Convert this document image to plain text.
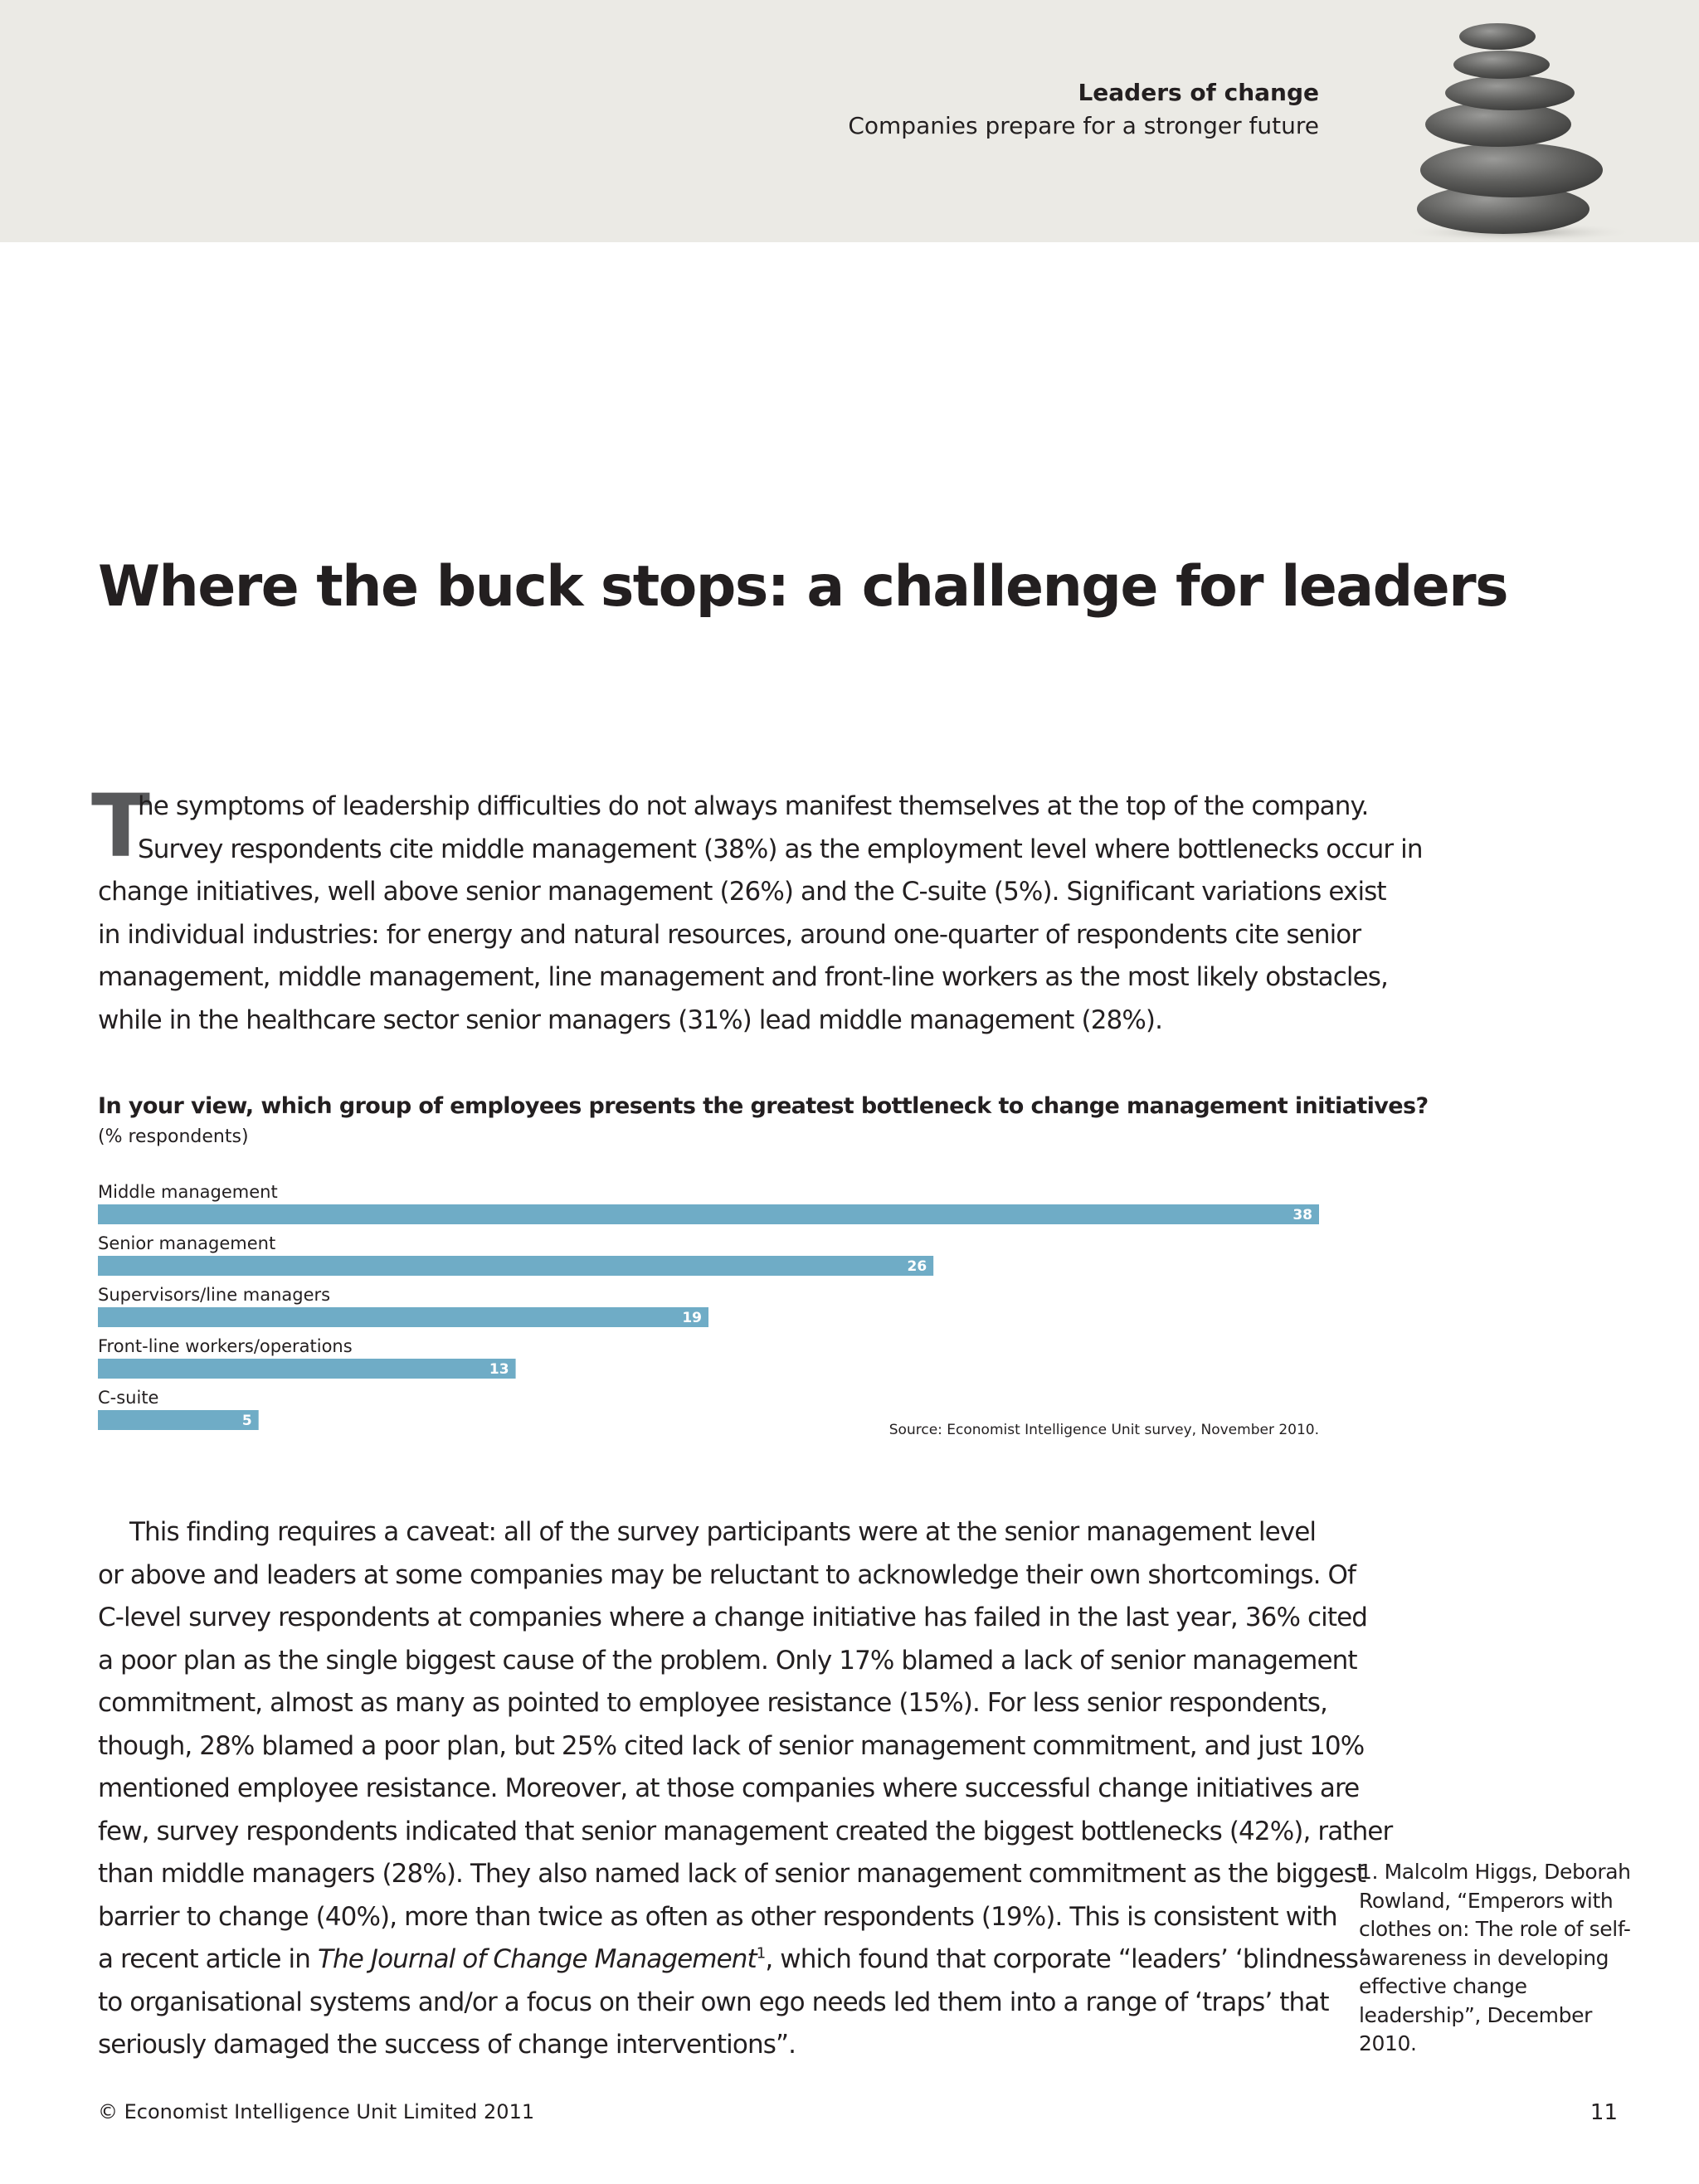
Leaders of change
Companies prepare for a stronger future
Where the buck stops: a challenge for leaders
T

he symptoms of leadership difficulties do not always manifest themselves at the top of the company.
Survey respondents cite middle management (38%) as the employment level where bottlenecks occur in
change initiatives, well above senior management (26%) and the C-suite (5%). Significant variations exist
in individual industries: for energy and natural resources, around one-quarter of respondents cite senior
management, middle management, line management and front-line workers as the most likely obstacles,
while in the healthcare sector senior managers (31%) lead middle management (28%).

In your view, which group of employees presents the greatest bottleneck to change management initiatives?
(% respondents)
Middle management
38
Senior management
26
Supervisors/line managers
19
Front-line workers/operations
13
C-suite
5
Source: Economist Intelligence Unit survey, November 2010.

This finding requires a caveat: all of the survey participants were at the senior management level
or above and leaders at some companies may be reluctant to acknowledge their own shortcomings. Of
C-level survey respondents at companies where a change initiative has failed in the last year, 36% cited
a poor plan as the single biggest cause of the problem. Only 17% blamed a lack of senior management
commitment, almost as many as pointed to employee resistance (15%). For less senior respondents,
though, 28% blamed a poor plan, but 25% cited lack of senior management commitment, and just 10%
mentioned employee resistance. Moreover, at those companies where successful change initiatives are
few, survey respondents indicated that senior management created the biggest bottlenecks (42%), rather
than middle managers (28%). They also named lack of senior management commitment as the biggest
barrier to change (40%), more than twice as often as other respondents (19%). This is consistent with
a recent article in The Journal of Change Management$^1$, which found that corporate “leaders’ ‘blindness’
to organisational systems and/or a focus on their own ego needs led them into a range of ‘traps’ that
seriously damaged the success of change interventions”.

1. Malcolm Higgs, Deborah
Rowland, “Emperors with
clothes on: The role of self-
awareness in developing
effective change
leadership”, December
2010.

© Economist Intelligence Unit Limited 2011	11
